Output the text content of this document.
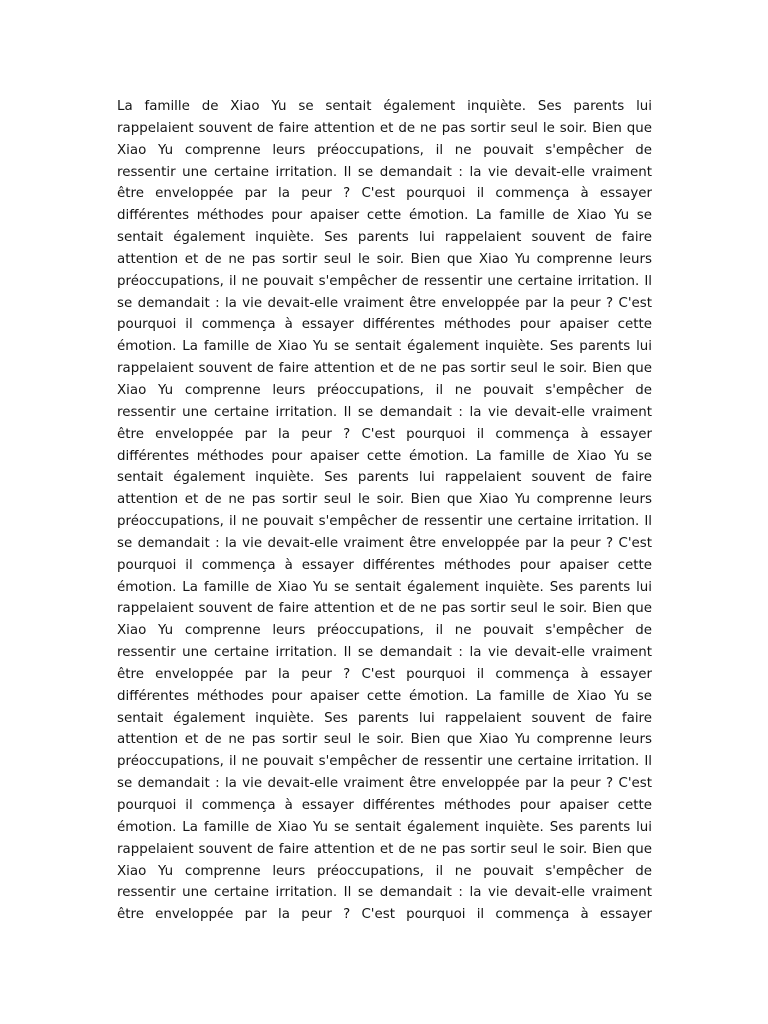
La famille de Xiao Yu se sentait également inquiète. Ses parents lui
rappelaient souvent de faire attention et de ne pas sortir seul le soir. Bien que
Xiao Yu comprenne leurs préoccupations, il ne pouvait s'empêcher de
ressentir une certaine irritation. Il se demandait : la vie devait-elle vraiment
être enveloppée par la peur ? C'est pourquoi il commença à essayer
différentes méthodes pour apaiser cette émotion. La famille de Xiao Yu se
sentait également inquiète. Ses parents lui rappelaient souvent de faire
attention et de ne pas sortir seul le soir. Bien que Xiao Yu comprenne leurs
préoccupations, il ne pouvait s'empêcher de ressentir une certaine irritation. Il
se demandait : la vie devait-elle vraiment être enveloppée par la peur ? C'est
pourquoi il commença à essayer différentes méthodes pour apaiser cette
émotion. La famille de Xiao Yu se sentait également inquiète. Ses parents lui
rappelaient souvent de faire attention et de ne pas sortir seul le soir. Bien que
Xiao Yu comprenne leurs préoccupations, il ne pouvait s'empêcher de
ressentir une certaine irritation. Il se demandait : la vie devait-elle vraiment
être enveloppée par la peur ? C'est pourquoi il commença à essayer
différentes méthodes pour apaiser cette émotion. La famille de Xiao Yu se
sentait également inquiète. Ses parents lui rappelaient souvent de faire
attention et de ne pas sortir seul le soir. Bien que Xiao Yu comprenne leurs
préoccupations, il ne pouvait s'empêcher de ressentir une certaine irritation. Il
se demandait : la vie devait-elle vraiment être enveloppée par la peur ? C'est
pourquoi il commença à essayer différentes méthodes pour apaiser cette
émotion. La famille de Xiao Yu se sentait également inquiète. Ses parents lui
rappelaient souvent de faire attention et de ne pas sortir seul le soir. Bien que
Xiao Yu comprenne leurs préoccupations, il ne pouvait s'empêcher de
ressentir une certaine irritation. Il se demandait : la vie devait-elle vraiment
être enveloppée par la peur ? C'est pourquoi il commença à essayer
différentes méthodes pour apaiser cette émotion. La famille de Xiao Yu se
sentait également inquiète. Ses parents lui rappelaient souvent de faire
attention et de ne pas sortir seul le soir. Bien que Xiao Yu comprenne leurs
préoccupations, il ne pouvait s'empêcher de ressentir une certaine irritation. Il
se demandait : la vie devait-elle vraiment être enveloppée par la peur ? C'est
pourquoi il commença à essayer différentes méthodes pour apaiser cette
émotion. La famille de Xiao Yu se sentait également inquiète. Ses parents lui
rappelaient souvent de faire attention et de ne pas sortir seul le soir. Bien que
Xiao Yu comprenne leurs préoccupations, il ne pouvait s'empêcher de
ressentir une certaine irritation. Il se demandait : la vie devait-elle vraiment
être enveloppée par la peur ? C'est pourquoi il commença à essayer
